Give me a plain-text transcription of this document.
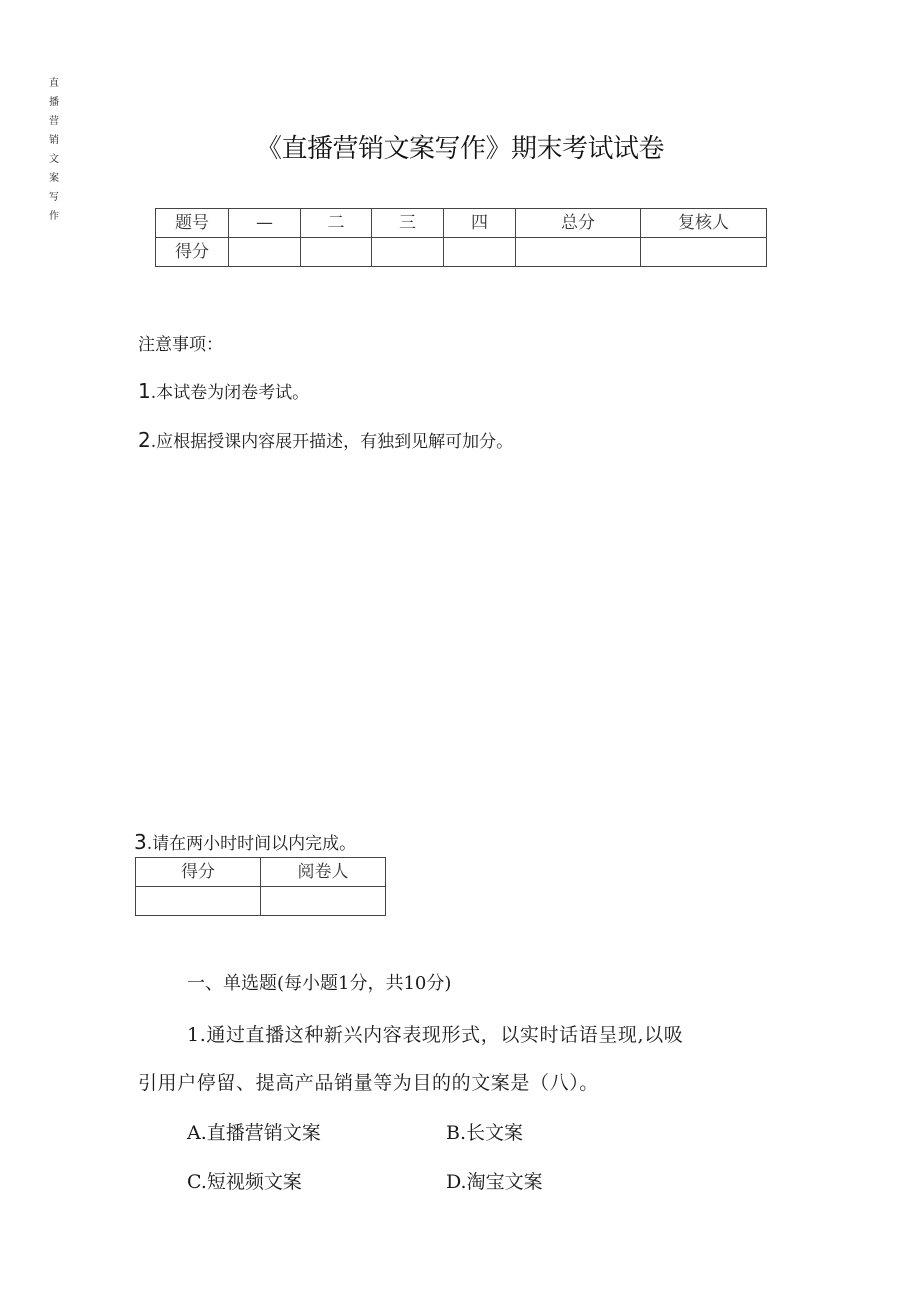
直
播
营
销
文
案
写
作
《直播营销文案写作》期末考试试卷
题号	—	二	三	四	总分	复核人
得分						
注意事项：
1.本试卷为闭卷考试。
2.应根据授课内容展开描述，有独到见解可加分。
3.请在两小时时间以内完成。
得分	阅卷人

一、单选题(每小题1分，共10分)
1.通过直播这种新兴内容表现形式，以实时话语呈现,以吸
引用户停留、提高产品销量等为目的的文案是（八）。
A.直播营销文案	B.长文案
C.短视频文案	D.淘宝文案
